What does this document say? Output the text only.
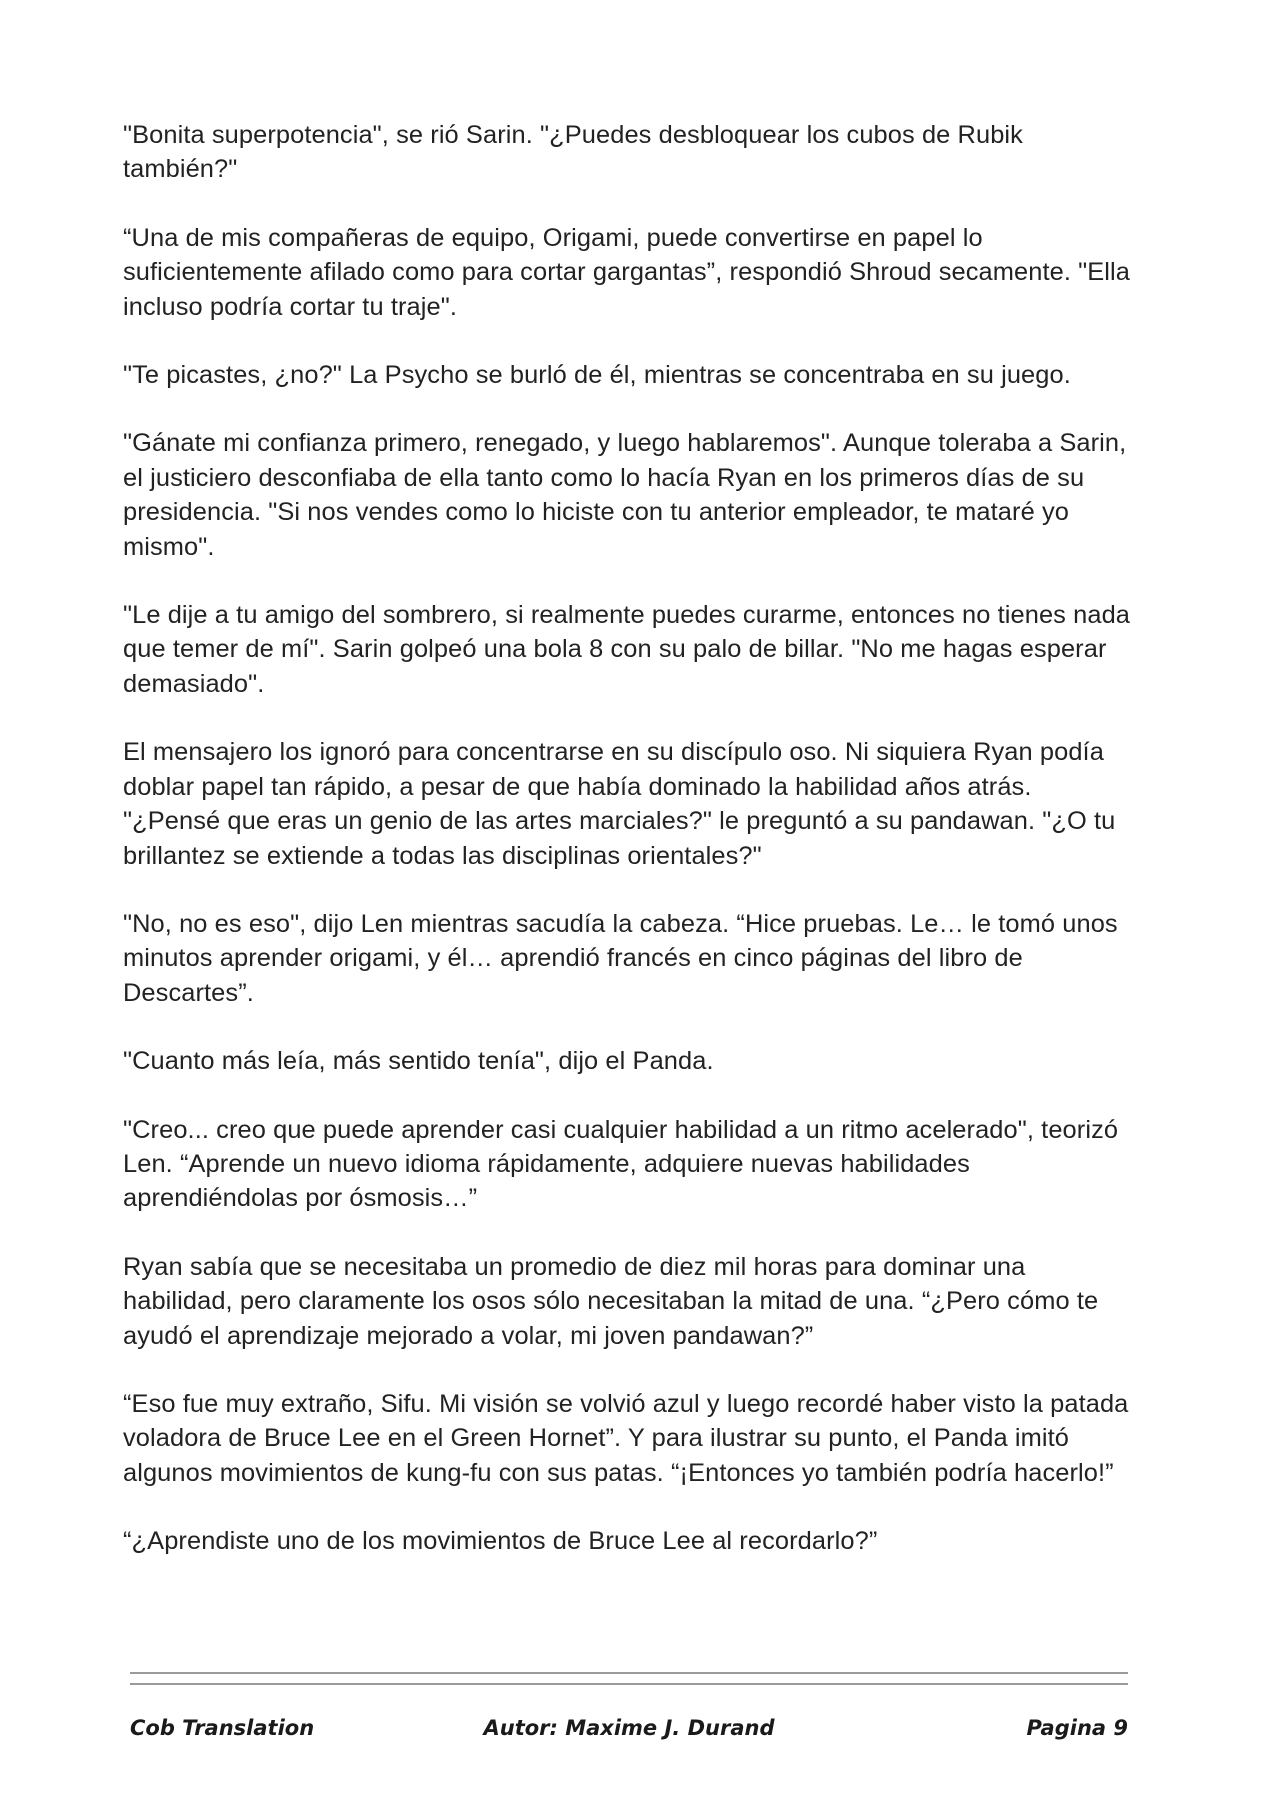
"Bonita superpotencia", se rió Sarin. "¿Puedes desbloquear los cubos de Rubik también?"

“Una de mis compañeras de equipo, Origami, puede convertirse en papel lo suficientemente afilado como para cortar gargantas”, respondió Shroud secamente. "Ella incluso podría cortar tu traje".

"Te picastes, ¿no?" La Psycho se burló de él, mientras se concentraba en su juego.

"Gánate mi confianza primero, renegado, y luego hablaremos". Aunque toleraba a Sarin, el justiciero desconfiaba de ella tanto como lo hacía Ryan en los primeros días de su presidencia. "Si nos vendes como lo hiciste con tu anterior empleador, te mataré yo mismo".

"Le dije a tu amigo del sombrero, si realmente puedes curarme, entonces no tienes nada que temer de mí". Sarin golpeó una bola 8 con su palo de billar. "No me hagas esperar demasiado".

El mensajero los ignoró para concentrarse en su discípulo oso. Ni siquiera Ryan podía doblar papel tan rápido, a pesar de que había dominado la habilidad años atrás. "¿Pensé que eras un genio de las artes marciales?" le preguntó a su pandawan. "¿O tu brillantez se extiende a todas las disciplinas orientales?"

"No, no es eso", dijo Len mientras sacudía la cabeza. “Hice pruebas. Le… le tomó unos minutos aprender origami, y él… aprendió francés en cinco páginas del libro de Descartes”.

"Cuanto más leía, más sentido tenía", dijo el Panda.

"Creo... creo que puede aprender casi cualquier habilidad a un ritmo acelerado", teorizó Len. “Aprende un nuevo idioma rápidamente, adquiere nuevas habilidades aprendiéndolas por ósmosis…”

Ryan sabía que se necesitaba un promedio de diez mil horas para dominar una habilidad, pero claramente los osos sólo necesitaban la mitad de una. “¿Pero cómo te ayudó el aprendizaje mejorado a volar, mi joven pandawan?”

“Eso fue muy extraño, Sifu. Mi visión se volvió azul y luego recordé haber visto la patada voladora de Bruce Lee en el Green Hornet”. Y para ilustrar su punto, el Panda imitó algunos movimientos de kung-fu con sus patas. “¡Entonces yo también podría hacerlo!”

“¿Aprendiste uno de los movimientos de Bruce Lee al recordarlo?”

Cob Translation	Autor: Maxime J. Durand	Pagina 9
